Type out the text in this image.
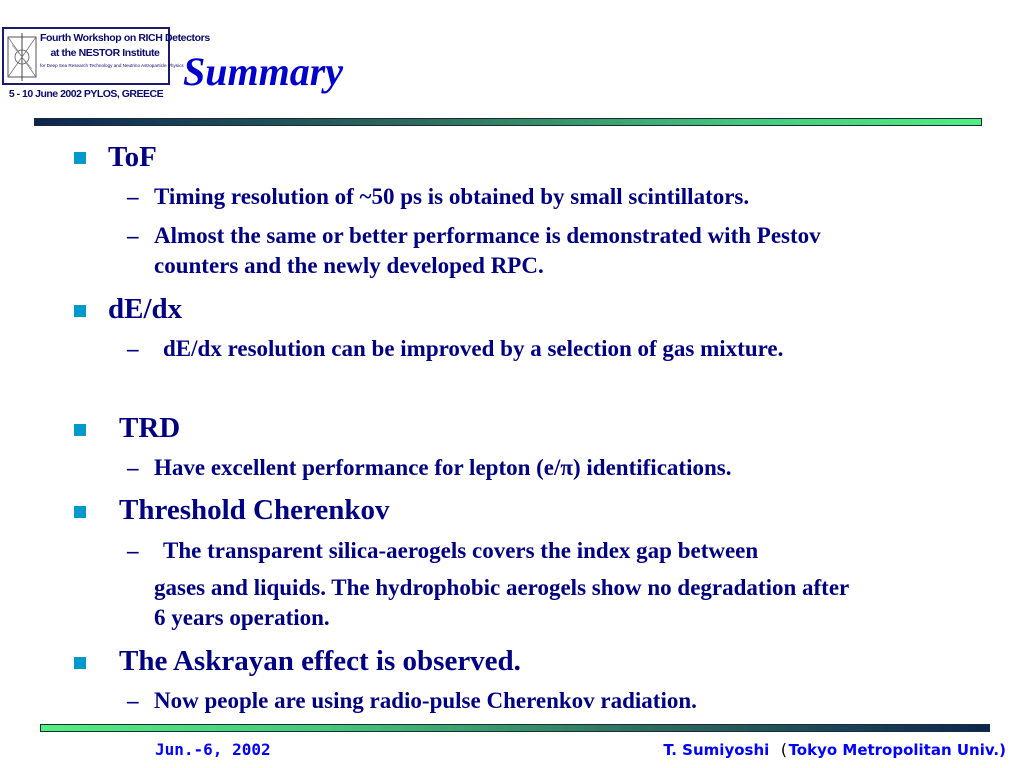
Fourth Workshop on RICH Detectors
at the NESTOR Institute
for Deep Sea Research Technology and Neutrino Astroparticle Physics
5 - 10 June 2002 PYLOS, GREECE Summary
ToF
– Timing resolution of ~50 ps is obtained by small scintillators.
– Almost the same or better performance is demonstrated with Pestov
counters and the newly developed RPC.
dE/dx
– dE/dx resolution can be improved by a selection of gas mixture.
TRD
– Have excellent performance for lepton (e/π) identifications.
Threshold Cherenkov
– The transparent silica-aerogels covers the index gap between
gases and liquids. The hydrophobic aerogels show no degradation after
6 years operation.
The Askrayan effect is observed.
– Now people are using radio-pulse Cherenkov radiation.
Jun.-6, 2002	T. Sumiyoshi (Tokyo Metropolitan Univ.)
